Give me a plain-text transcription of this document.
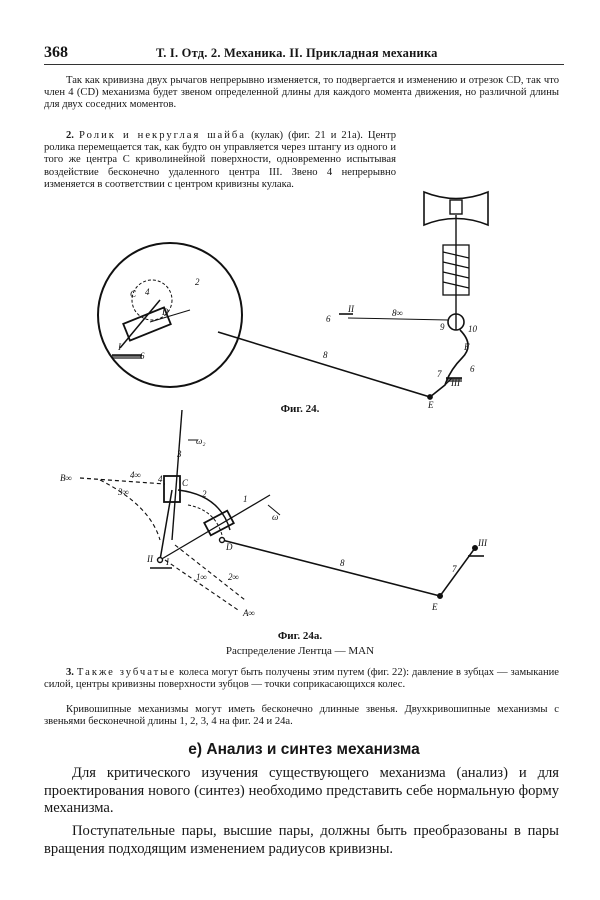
368	Т. I. Отд. 2. Механика. II. Прикладная механика
Так как кривизна двух рычагов непрерывно изменяется, то подвергается и изменению и отрезок CD, так что член 4 (CD) механизма будет звеном определенной длины для каждого момента движения, но различной длины для двух соседних моментов.
2. Ролик и некруглая шайба (кулак) (фиг. 21 и 21a). Центр ролика перемещается так, как будто он управляется через штангу из одного и того же центра C криволинейной поверхности, одновременно испытывая воздействие бесконечно удаленного центра III. Звено 4 непрерывно изменяется в соответствии с центром кривизны кулака.
2
C 4
D
I
6	8
6
II	8∞
9	10
F
6
7
III
E
Фиг. 24.
ω₂
3
B∞	4∞
3∞
4 C
2	1
ω
D
II I
1∞ 2∞
A∞
8
E
7
III
Фиг. 24a.
Распределение Лентца — MAN
3. Также зубчатые колеса могут быть получены этим путем (фиг. 22): давление в зубцах — замыкание силой, центры кривизны поверхности зубцов — точки соприкасающихся колес.
Кривошипные механизмы могут иметь бесконечно длинные звенья. Двухкривошипные механизмы с звеньями бесконечной длины 1, 2, 3, 4 на фиг. 24 и 24a.
е) Анализ и синтез механизма
Для критического изучения существующего механизма (анализ) и для проектирования нового (синтез) необходимо представить себе нормальную форму механизма.
Поступательные пары, высшие пары, должны быть преобразованы в пары вращения подходящим изменением радиусов кривизны.
